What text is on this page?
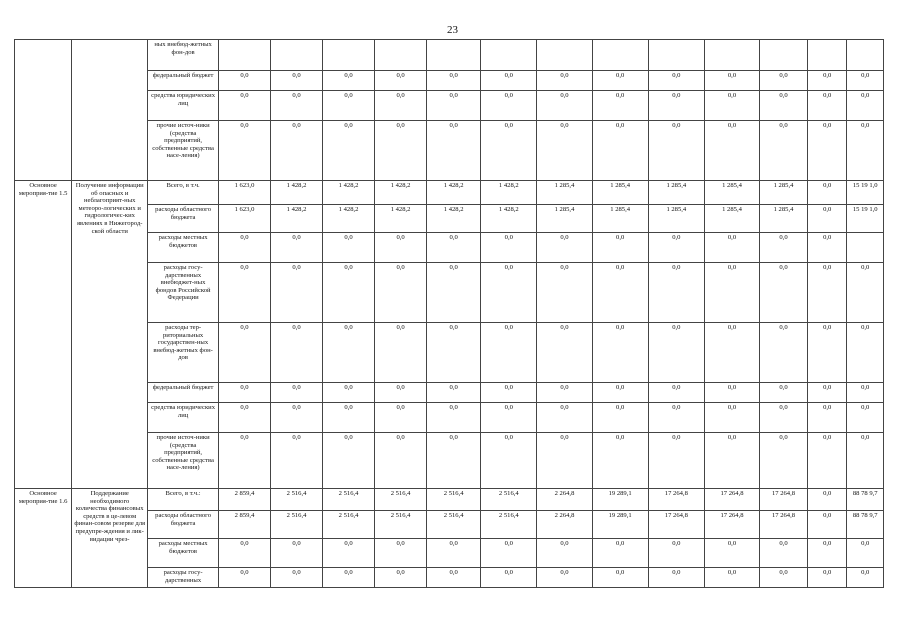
23
		ных внебюд-жетных фон-дов													
		федеральный бюджет	0,0	0,0	0,0	0,0	0,0	0,0	0,0	0,0	0,0	0,0	0,0	0,0	0,0
		средства юридических лиц	0,0	0,0	0,0	0,0	0,0	0,0	0,0	0,0	0,0	0,0	0,0	0,0	0,0
		прочие источ-ники (средства предприятий, собственные средства насе-ления)	0,0	0,0	0,0	0,0	0,0	0,0	0,0	0,0	0,0	0,0	0,0	0,0	0,0
Основное мероприя-тие 1.5	Получение информации об опасных и неблагоприят-ных метеоро-логических и гидрологичес-ких явлениях в Нижегород-ской области	Всего, в т.ч.	1 623,0	1 428,2	1 428,2	1 428,2	1 428,2	1 428,2	1 285,4	1 285,4	1 285,4	1 285,4	1 285,4	0,0	15 19 1,0
		расходы областного бюджета	1 623,0	1 428,2	1 428,2	1 428,2	1 428,2	1 428,2	1 285,4	1 285,4	1 285,4	1 285,4	1 285,4	0,0	15 19 1,0
		расходы местных бюджетов	0,0	0,0	0,0	0,0	0,0	0,0	0,0	0,0	0,0	0,0	0,0	0,0	
		расходы госу-дарственных внебюджет-ных фондов Российской Федерации	0,0	0,0	0,0	0,0	0,0	0,0	0,0	0,0	0,0	0,0	0,0	0,0	0,0
		расходы тер-риториальных государствен-ных внебюд-жетных фон-дов	0,0	0,0	0,0	0,0	0,0	0,0	0,0	0,0	0,0	0,0	0,0	0,0	0,0
		федеральный бюджет	0,0	0,0	0,0	0,0	0,0	0,0	0,0	0,0	0,0	0,0	0,0	0,0	0,0
		средства юридических лиц	0,0	0,0	0,0	0,0	0,0	0,0	0,0	0,0	0,0	0,0	0,0	0,0	0,0
		прочие источ-ники (средства предприятий, собственные средства насе-ления)	0,0	0,0	0,0	0,0	0,0	0,0	0,0	0,0	0,0	0,0	0,0	0,0	0,0
Основное мероприя-тие 1.6	Поддержание необходимого количества финансовых средств в це-левом финан-совом резерве для предупре-ждения и лик-видации чрез-	Всего, в т.ч.:	2 859,4	2 516,4	2 516,4	2 516,4	2 516,4	2 516,4	2 264,8	19 289,1	17 264,8	17 264,8	17 264,8	0,0	88 78 9,7
		расходы областного бюджета	2 859,4	2 516,4	2 516,4	2 516,4	2 516,4	2 516,4	2 264,8	19 289,1	17 264,8	17 264,8	17 264,8	0,0	88 78 9,7
		расходы местных бюджетов	0,0	0,0	0,0	0,0	0,0	0,0	0,0	0,0	0,0	0,0	0,0	0,0	0,0
		расходы госу-дарственных	0,0	0,0	0,0	0,0	0,0	0,0	0,0	0,0	0,0	0,0	0,0	0,0	0,0
